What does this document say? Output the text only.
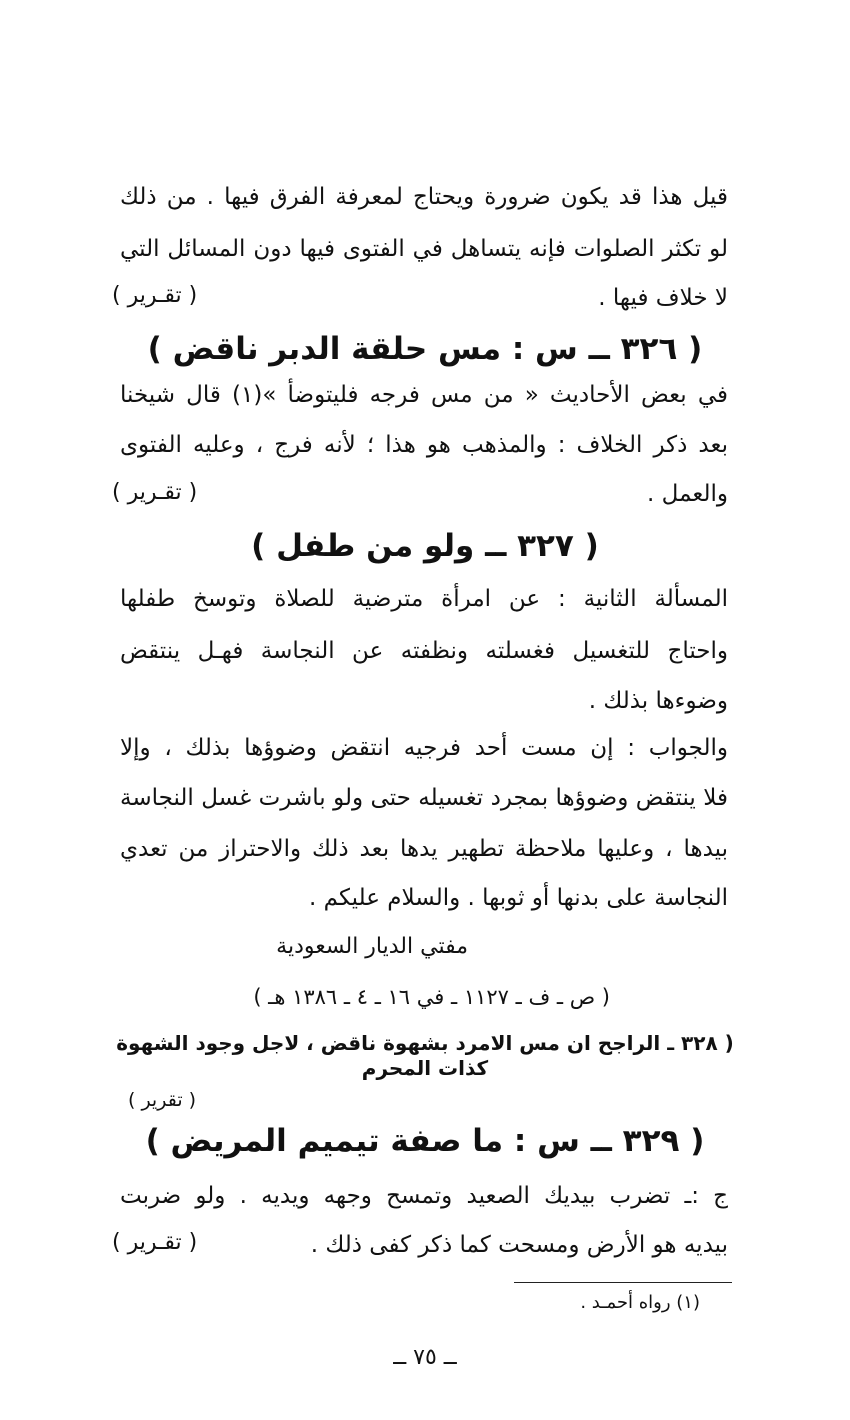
قيل هذا قد يكون ضرورة ويحتاج لمعرفة الفرق فيها . من ذلك
لو تكثر الصلوات فإنه يتساهل في الفتوى فيها دون المسائل التي
لا خلاف فيها .
( تقـرير )
( ٣٢٦ ــ س : مس حلقة الدبر ناقض )
في بعض الأحاديث « من مس فرجه فليتوضأ »(١) قال شيخنا
بعد ذكر الخلاف : والمذهب هو هذا ؛ لأنه فرج ، وعليه الفتوى
والعمل .
( تقـرير )
( ٣٢٧ ــ ولو من طفل )
المسألة الثانية : عن امرأة مترضية للصلاة وتوسخ طفلها
واحتاج للتغسيل فغسلته ونظفته عن النجاسة فهـل ينتقض
وضوءها بذلك .
والجواب : إن مست أحد فرجيه انتقض وضوؤها بذلك ، وإلا
فلا ينتقض وضوؤها بمجرد تغسيله حتى ولو باشرت غسل النجاسة
بيدها ، وعليها ملاحظة تطهير يدها بعد ذلك والاحتراز من تعدي
النجاسة على بدنها أو ثوبها . والسلام عليكم .
مفتي الديار السعودية
( ص ـ ف ـ ١١٢٧ ـ في ١٦ ـ ٤ ـ ١٣٨٦ هـ )
( ٣٢٨ ـ الراجح ان مس الامرد بشهوة ناقض ، لاجل وجود الشهوة
كذات المحرم
( تقرير )
( ٣٢٩ ــ س : ما صفة تيميم المريض )
ج :ـ تضرب بيديك الصعيد وتمسح وجهه ويديه . ولو ضربت
بيديه هو الأرض ومسحت كما ذكر كفى ذلك .
( تقـرير )
(١) رواه أحمـد .
ــ ٧٥ ــ
